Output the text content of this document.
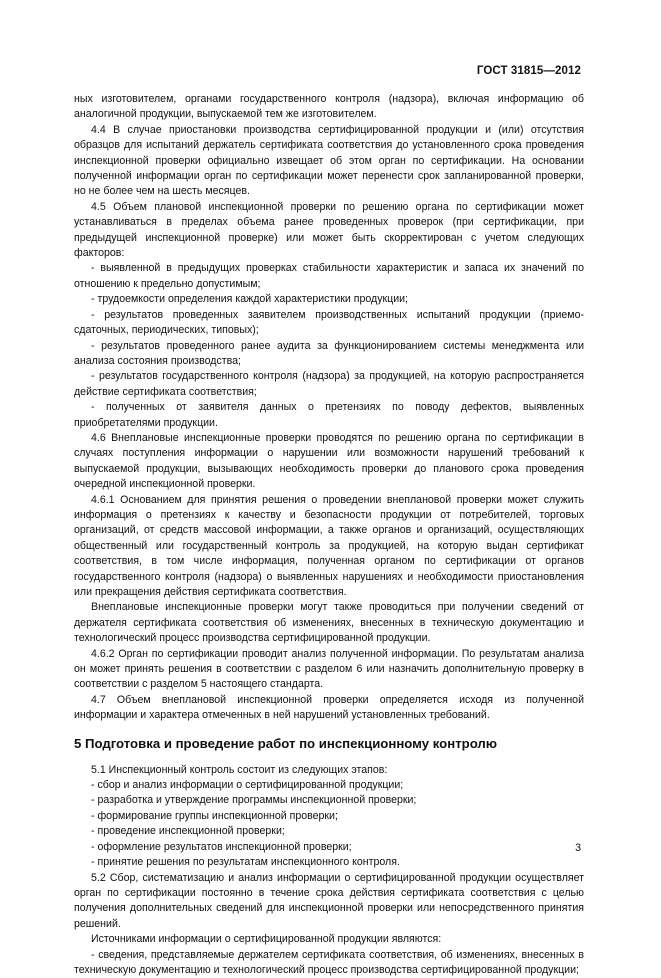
ГОСТ 31815—2012

ных изготовителем, органами государственного контроля (надзора), включая информацию об аналогичной продукции, выпускаемой тем же изготовителем.

4.4 В случае приостановки производства сертифицированной продукции и (или) отсутствия образцов для испытаний держатель сертификата соответствия до установленного срока проведения инспекционной проверки официально извещает об этом орган по сертификации. На основании полученной информации орган по сертификации может перенести срок запланированной проверки, но не более чем на шесть месяцев.

4.5 Объем плановой инспекционной проверки по решению органа по сертификации может устанавливаться в пределах объема ранее проведенных проверок (при сертификации, при предыдущей инспекционной проверке) или может быть скорректирован с учетом следующих факторов:

- выявленной в предыдущих проверках стабильности характеристик и запаса их значений по отношению к предельно допустимым;

- трудоемкости определения каждой характеристики продукции;

- результатов проведенных заявителем производственных испытаний продукции (приемо-сдаточных, периодических, типовых);

- результатов проведенного ранее аудита за функционированием системы менеджмента или анализа состояния производства;

- результатов государственного контроля (надзора) за продукцией, на которую распространяется действие сертификата соответствия;

- полученных от заявителя данных о претензиях по поводу дефектов, выявленных приобретателями продукции.

4.6 Внеплановые инспекционные проверки проводятся по решению органа по сертификации в случаях поступления информации о нарушении или возможности нарушений требований к выпускаемой продукции, вызывающих необходимость проверки до планового срока проведения очередной инспекционной проверки.

4.6.1 Основанием для принятия решения о проведении внеплановой проверки может служить информация о претензиях к качеству и безопасности продукции от потребителей, торговых организаций, от средств массовой информации, а также органов и организаций, осуществляющих общественный или государственный контроль за продукцией, на которую выдан сертификат соответствия, в том числе информация, полученная органом по сертификации от органов государственного контроля (надзора) о выявленных нарушениях и необходимости приостановления или прекращения действия сертификата соответствия.

Внеплановые инспекционные проверки могут также проводиться при получении сведений от держателя сертификата соответствия об изменениях, внесенных в техническую документацию и технологический процесс производства сертифицированной продукции.

4.6.2 Орган по сертификации проводит анализ полученной информации. По результатам анализа он может принять решения в соответствии с разделом 6 или назначить дополнительную проверку в соответствии с разделом 5 настоящего стандарта.

4.7 Объем внеплановой инспекционной проверки определяется исходя из полученной информации и характера отмеченных в ней нарушений установленных требований.

5 Подготовка и проведение работ по инспекционному контролю

5.1 Инспекционный контроль состоит из следующих этапов:

- сбор и анализ информации о сертифицированной продукции;

- разработка и утверждение программы инспекционной проверки;

- формирование группы инспекционной проверки;

- проведение инспекционной проверки;

- оформление результатов инспекционной проверки;

- принятие решения по результатам инспекционного контроля.

5.2 Сбор, систематизацию и анализ информации о сертифицированной продукции осуществляет орган по сертификации постоянно в течение срока действия сертификата соответствия с целью получения дополнительных сведений для инспекционной проверки или непосредственного принятия решений.

Источниками информации о сертифицированной продукции являются:

- сведения, представляемые держателем сертификата соответствия, об изменениях, внесенных в техническую документацию и технологический процесс производства сертифицированной продукции;

3
